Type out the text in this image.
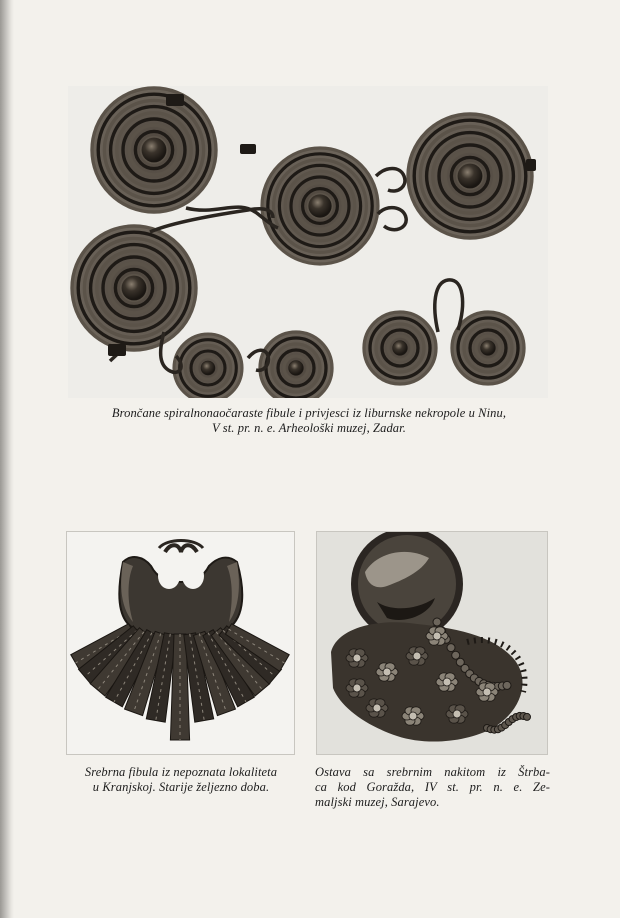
Brončane spiralnonaočaraste fibule i privjesci iz liburnske nekropole u Ninu,
V st. pr. n. e. Arheološki muzej, Zadar.

Srebrna fibula iz nepoznata lokaliteta
u Kranjskoj. Starije željezno doba.

Ostava sa srebrnim nakitom iz Štrba-
ca kod Goražda, IV st. pr. n. e. Ze-
maljski muzej, Sarajevo.
